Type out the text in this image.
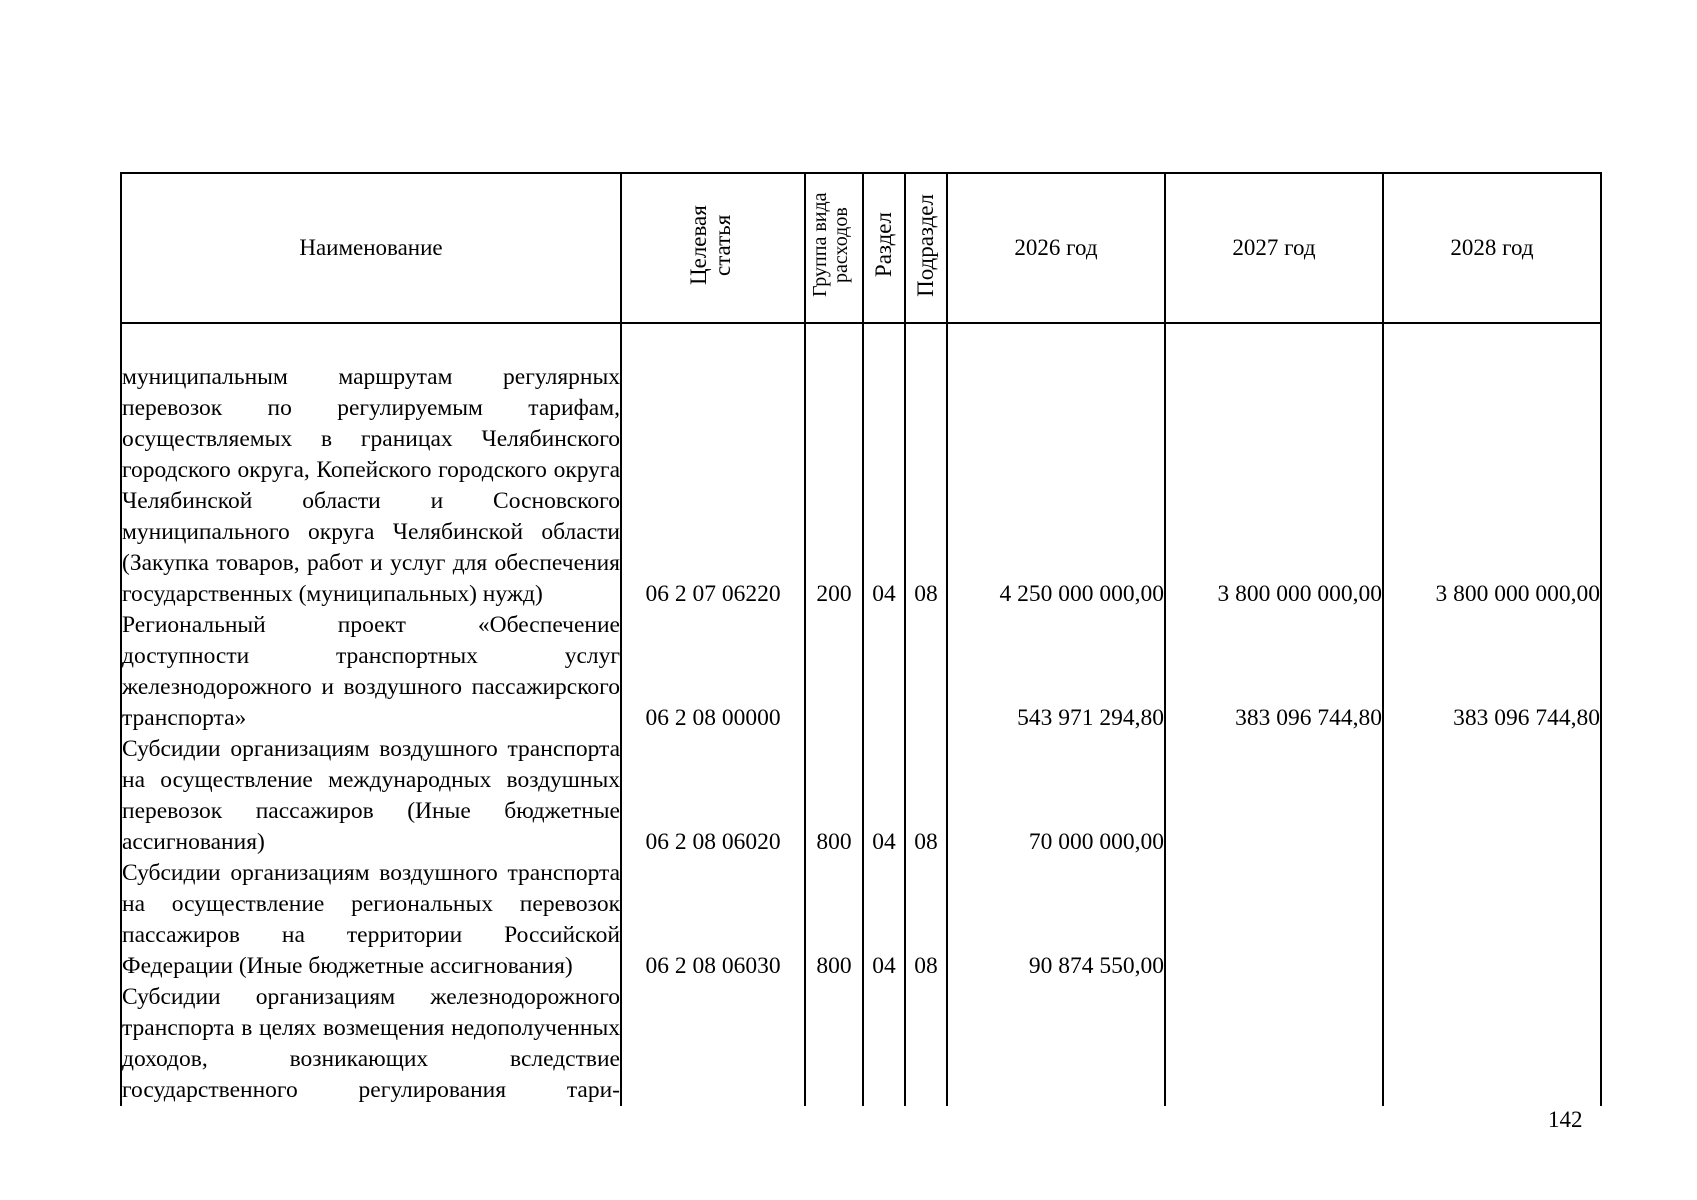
Наименование	Целевая статья	Группа вида расходов	Раздел	Подраздел	2026 год	2027 год	2028 год

муниципальным маршрутам регулярных перевозок по регулируемым тарифам, осуществляемых в границах Челябинского городского округа, Копейского городского округа Челябинской области и Сосновского муниципального округа Челябинской области (Закупка товаров, работ и услуг для обеспечения государственных (муниципальных) нужд)	06 2 07 06220	200	04	08	4 250 000 000,00	3 800 000 000,00	3 800 000 000,00

Региональный проект «Обеспечение доступности транспортных услуг железнодорожного и воздушного пассажирского транспорта»	06 2 08 00000				543 971 294,80	383 096 744,80	383 096 744,80

Субсидии организациям воздушного транспорта на осуществление международных воздушных перевозок пассажиров (Иные бюджетные ассигнования)	06 2 08 06020	800	04	08	70 000 000,00		

Субсидии организациям воздушного транспорта на осуществление региональных перевозок пассажиров на территории Российской Федерации (Иные бюджетные ассигнования)	06 2 08 06030	800	04	08	90 874 550,00		

Субсидии организациям железнодорожного транспорта в целях возмещения недополученных доходов, возникающих вследствие государственного регулирования тари-							

142
